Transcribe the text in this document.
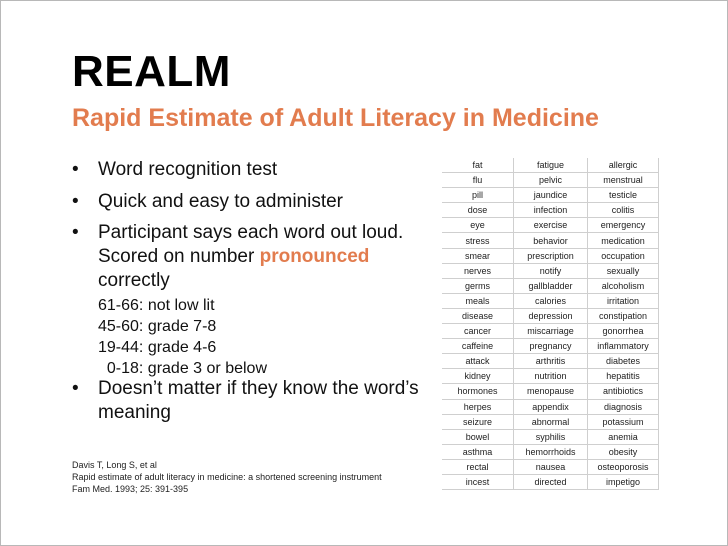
REALM
Rapid Estimate of Adult Literacy in Medicine
• Word recognition test
• Quick and easy to administer
• Participant says each word out loud. Scored on number pronounced correctly
• Doesn’t matter if they know the word’s meaning
61-66: not low lit
45-60: grade 7-8
19-44: grade 4-6
0-18: grade 3 or below
Davis T, Long S, et al
Rapid estimate of adult literacy in medicine: a shortened screening instrument
Fam Med. 1993; 25: 391-395
fat	fatigue	allergic
flu	pelvic	menstrual
pill	jaundice	testicle
dose	infection	colitis
eye	exercise	emergency
stress	behavior	medication
smear	prescription	occupation
nerves	notify	sexually
germs	gallbladder	alcoholism
meals	calories	irritation
disease	depression	constipation
cancer	miscarriage	gonorrhea
caffeine	pregnancy	inflammatory
attack	arthritis	diabetes
kidney	nutrition	hepatitis
hormones	menopause	antibiotics
herpes	appendix	diagnosis
seizure	abnormal	potassium
bowel	syphilis	anemia
asthma	hemorrhoids	obesity
rectal	nausea	osteoporosis
incest	directed	impetigo
